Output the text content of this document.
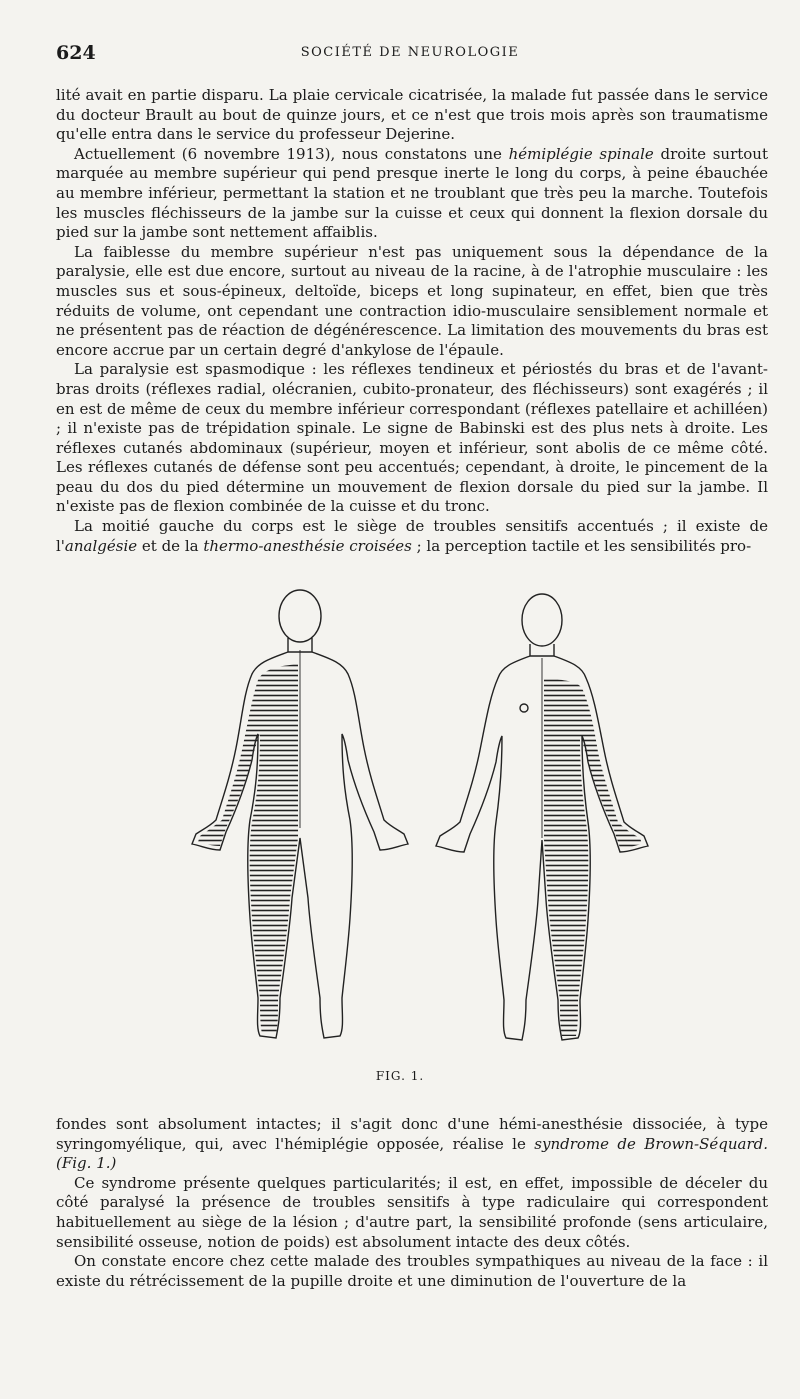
624	SOCIÉTÉ DE NEUROLOGIE

lité avait en partie disparu. La plaie cervicale cicatrisée, la malade fut passée dans le service du docteur Brault au bout de quinze jours, et ce n'est que trois mois après son traumatisme qu'elle entra dans le service du professeur Dejerine.

Actuellement (6 novembre 1913), nous constatons une hémiplégie spinale droite surtout marquée au membre supérieur qui pend presque inerte le long du corps, à peine ébauchée au membre inférieur, permettant la station et ne troublant que très peu la marche. Toutefois les muscles fléchisseurs de la jambe sur la cuisse et ceux qui donnent la flexion dorsale du pied sur la jambe sont nettement affaiblis.

La faiblesse du membre supérieur n'est pas uniquement sous la dépendance de la paralysie, elle est due encore, surtout au niveau de la racine, à de l'atrophie musculaire : les muscles sus et sous-épineux, deltoïde, biceps et long supinateur, en effet, bien que très réduits de volume, ont cependant une contraction idio-musculaire sensiblement normale et ne présentent pas de réaction de dégénérescence. La limitation des mouvements du bras est encore accrue par un certain degré d'ankylose de l'épaule.

La paralysie est spasmodique : les réflexes tendineux et périostés du bras et de l'avant-bras droits (réflexes radial, olécranien, cubito-pronateur, des fléchisseurs) sont exagérés ; il en est de même de ceux du membre inférieur correspondant (réflexes patellaire et achilléen) ; il n'existe pas de trépidation spinale. Le signe de Babinski est des plus nets à droite. Les réflexes cutanés abdominaux (supérieur, moyen et inférieur, sont abolis de ce même côté. Les réflexes cutanés de défense sont peu accentués; cependant, à droite, le pincement de la peau du dos du pied détermine un mouvement de flexion dorsale du pied sur la jambe. Il n'existe pas de flexion combinée de la cuisse et du tronc.

La moitié gauche du corps est le siège de troubles sensitifs accentués ; il existe de l'analgésie et de la thermo-anesthésie croisées ; la perception tactile et les sensibilités pro-

FIG. 1.

fondes sont absolument intactes; il s'agit donc d'une hémi-anesthésie dissociée, à type syringomyélique, qui, avec l'hémiplégie opposée, réalise le syndrome de Brown-Séquard. (Fig. 1.)

Ce syndrome présente quelques particularités; il est, en effet, impossible de déceler du côté paralysé la présence de troubles sensitifs à type radiculaire qui correspondent habituellement au siège de la lésion ; d'autre part, la sensibilité profonde (sens articulaire, sensibilité osseuse, notion de poids) est absolument intacte des deux côtés.

On constate encore chez cette malade des troubles sympathiques au niveau de la face : il existe du rétrécissement de la pupille droite et une diminution de l'ouverture de la
